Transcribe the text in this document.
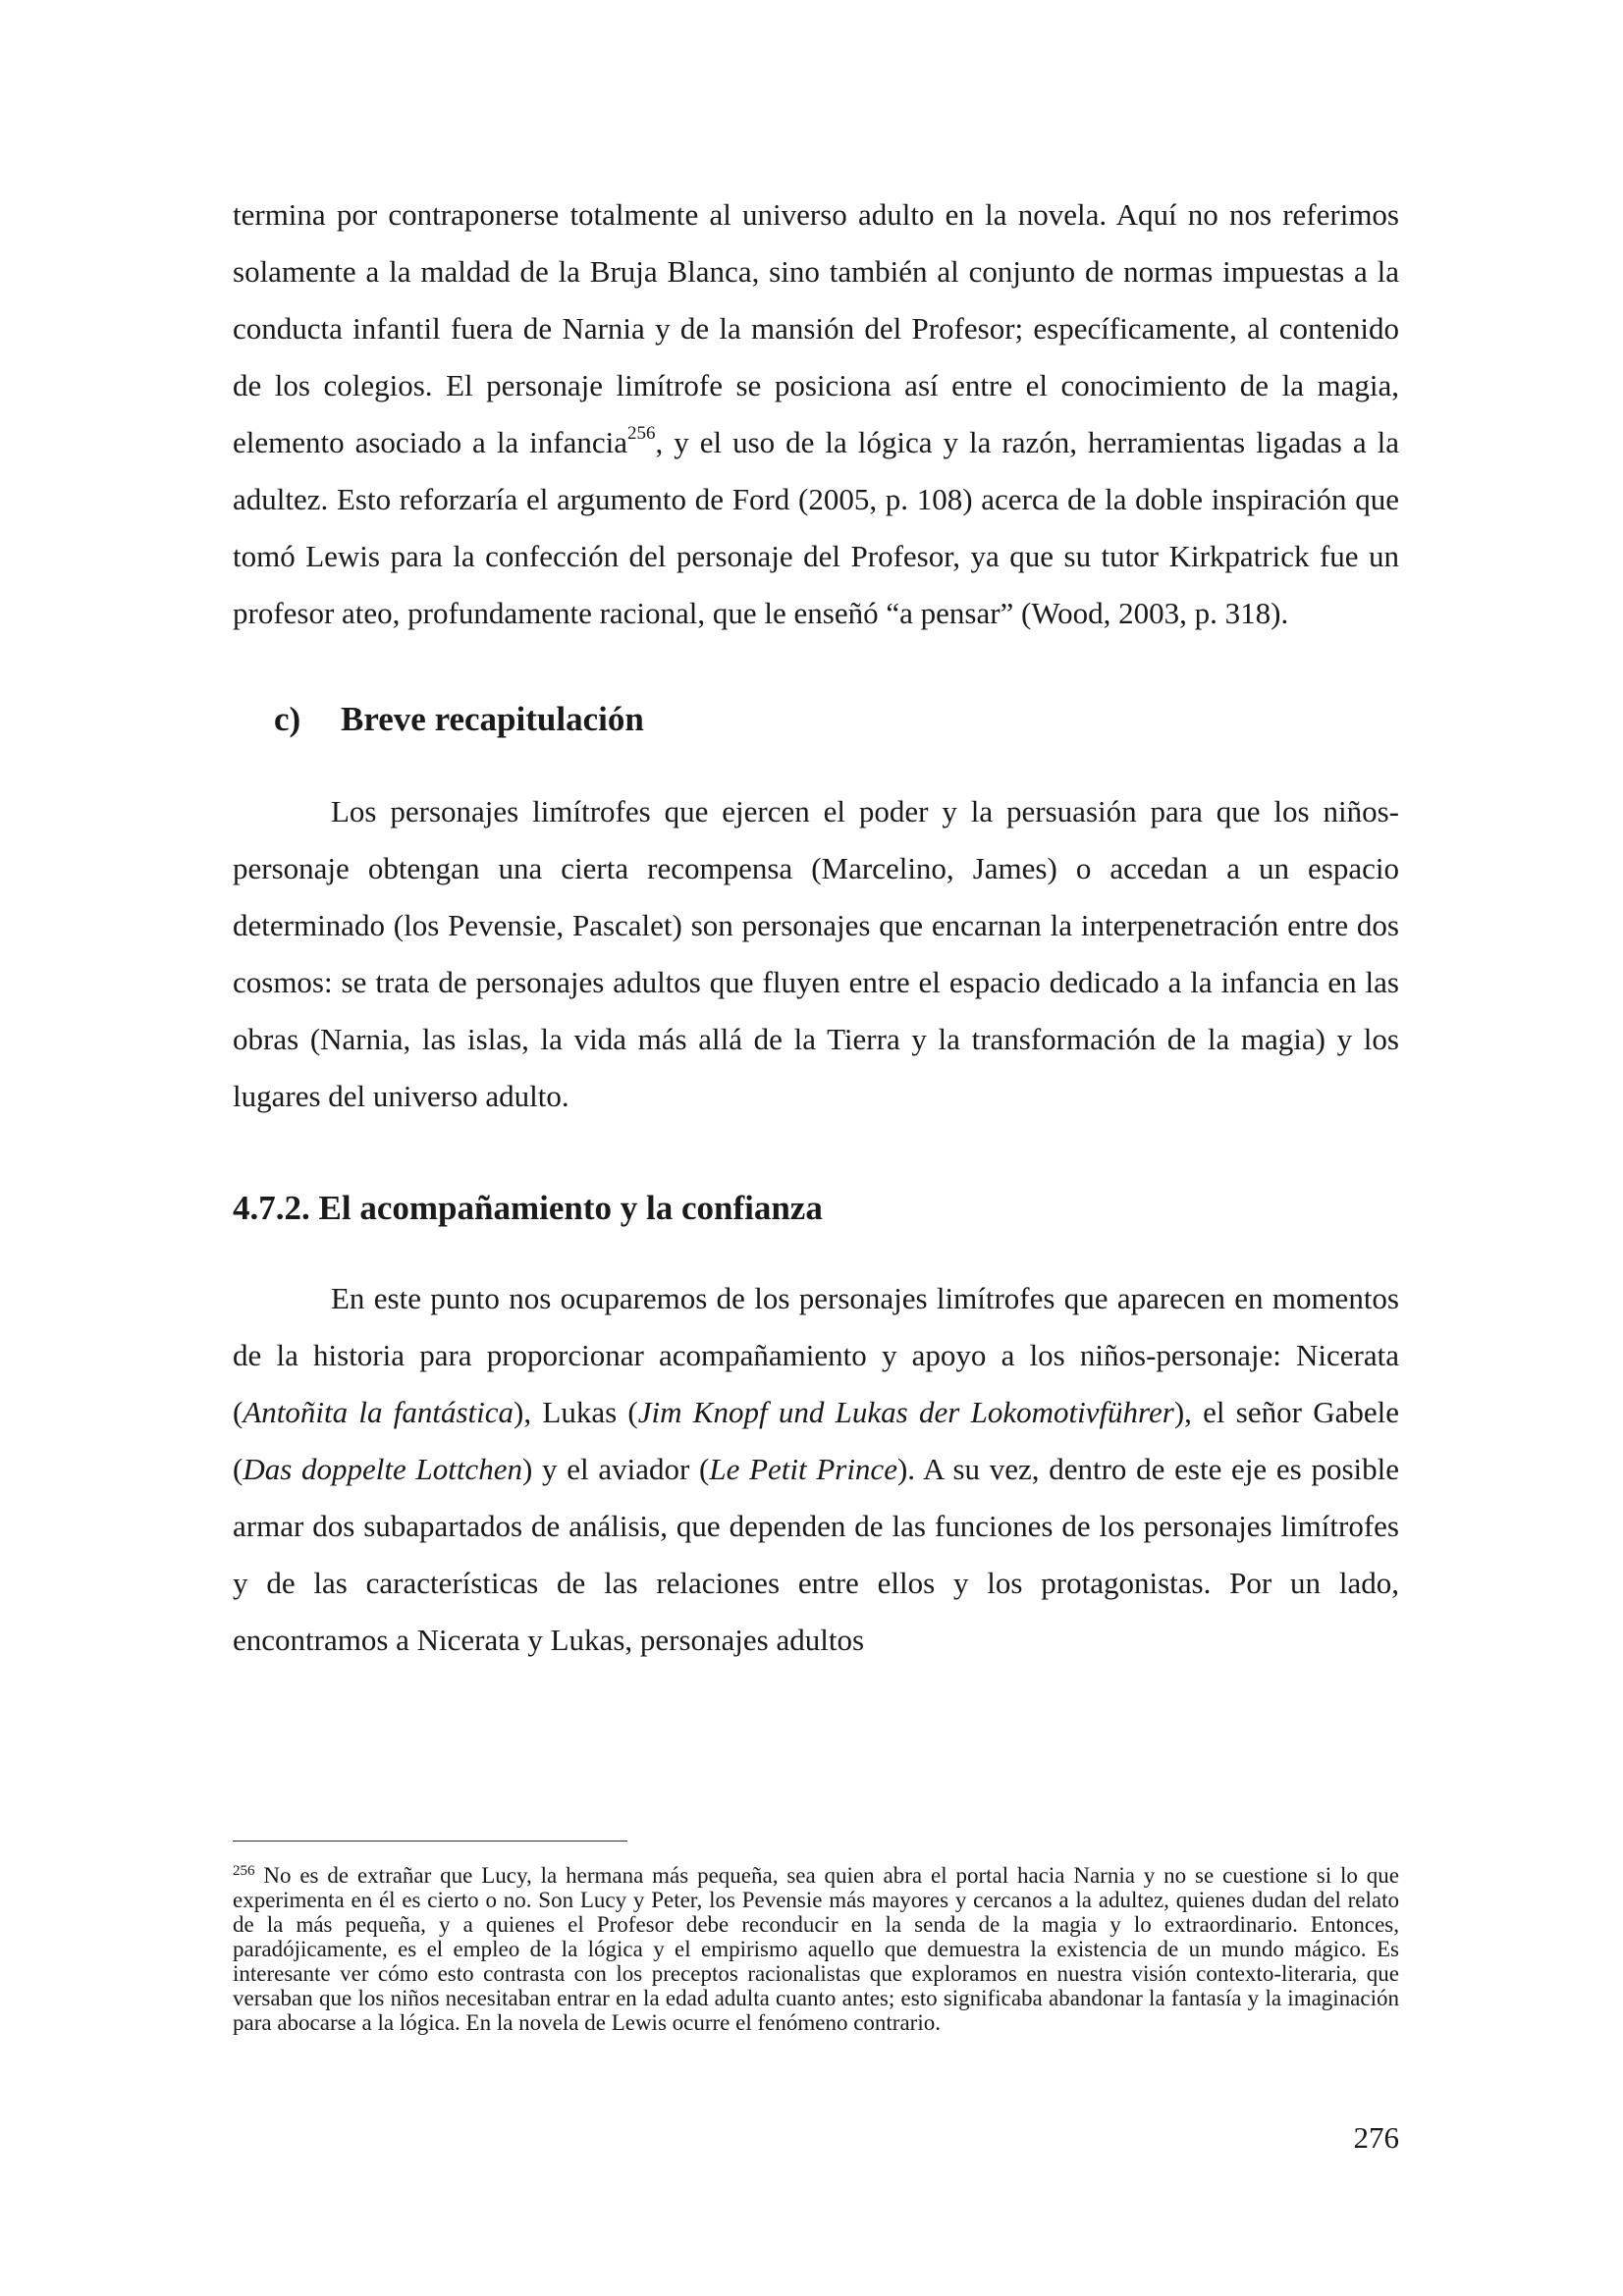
termina por contraponerse totalmente al universo adulto en la novela. Aquí no nos referimos solamente a la maldad de la Bruja Blanca, sino también al conjunto de normas impuestas a la conducta infantil fuera de Narnia y de la mansión del Profesor; específicamente, al contenido de los colegios. El personaje limítrofe se posiciona así entre el conocimiento de la magia, elemento asociado a la infancia$^{256}$, y el uso de la lógica y la razón, herramientas ligadas a la adultez. Esto reforzaría el argumento de Ford (2005, p. 108) acerca de la doble inspiración que tomó Lewis para la confección del personaje del Profesor, ya que su tutor Kirkpatrick fue un profesor ateo, profundamente racional, que le enseñó “a pensar” (Wood, 2003, p. 318).

c)	Breve recapitulación

Los personajes limítrofes que ejercen el poder y la persuasión para que los niños-personaje obtengan una cierta recompensa (Marcelino, James) o accedan a un espacio determinado (los Pevensie, Pascalet) son personajes que encarnan la interpenetración entre dos cosmos: se trata de personajes adultos que fluyen entre el espacio dedicado a la infancia en las obras (Narnia, las islas, la vida más allá de la Tierra y la transformación de la magia) y los lugares del universo adulto.

4.7.2. El acompañamiento y la confianza

En este punto nos ocuparemos de los personajes limítrofes que aparecen en momentos de la historia para proporcionar acompañamiento y apoyo a los niños-personaje: Nicerata (Antoñita la fantástica), Lukas (Jim Knopf und Lukas der Lokomotivführer), el señor Gabele (Das doppelte Lottchen) y el aviador (Le Petit Prince). A su vez, dentro de este eje es posible armar dos subapartados de análisis, que dependen de las funciones de los personajes limítrofes y de las características de las relaciones entre ellos y los protagonistas. Por un lado, encontramos a Nicerata y Lukas, personajes adultos

$^{256}$ No es de extrañar que Lucy, la hermana más pequeña, sea quien abra el portal hacia Narnia y no se cuestione si lo que experimenta en él es cierto o no. Son Lucy y Peter, los Pevensie más mayores y cercanos a la adultez, quienes dudan del relato de la más pequeña, y a quienes el Profesor debe reconducir en la senda de la magia y lo extraordinario. Entonces, paradójicamente, es el empleo de la lógica y el empirismo aquello que demuestra la existencia de un mundo mágico. Es interesante ver cómo esto contrasta con los preceptos racionalistas que exploramos en nuestra visión contexto-literaria, que versaban que los niños necesitaban entrar en la edad adulta cuanto antes; esto significaba abandonar la fantasía y la imaginación para abocarse a la lógica. En la novela de Lewis ocurre el fenómeno contrario.

276
